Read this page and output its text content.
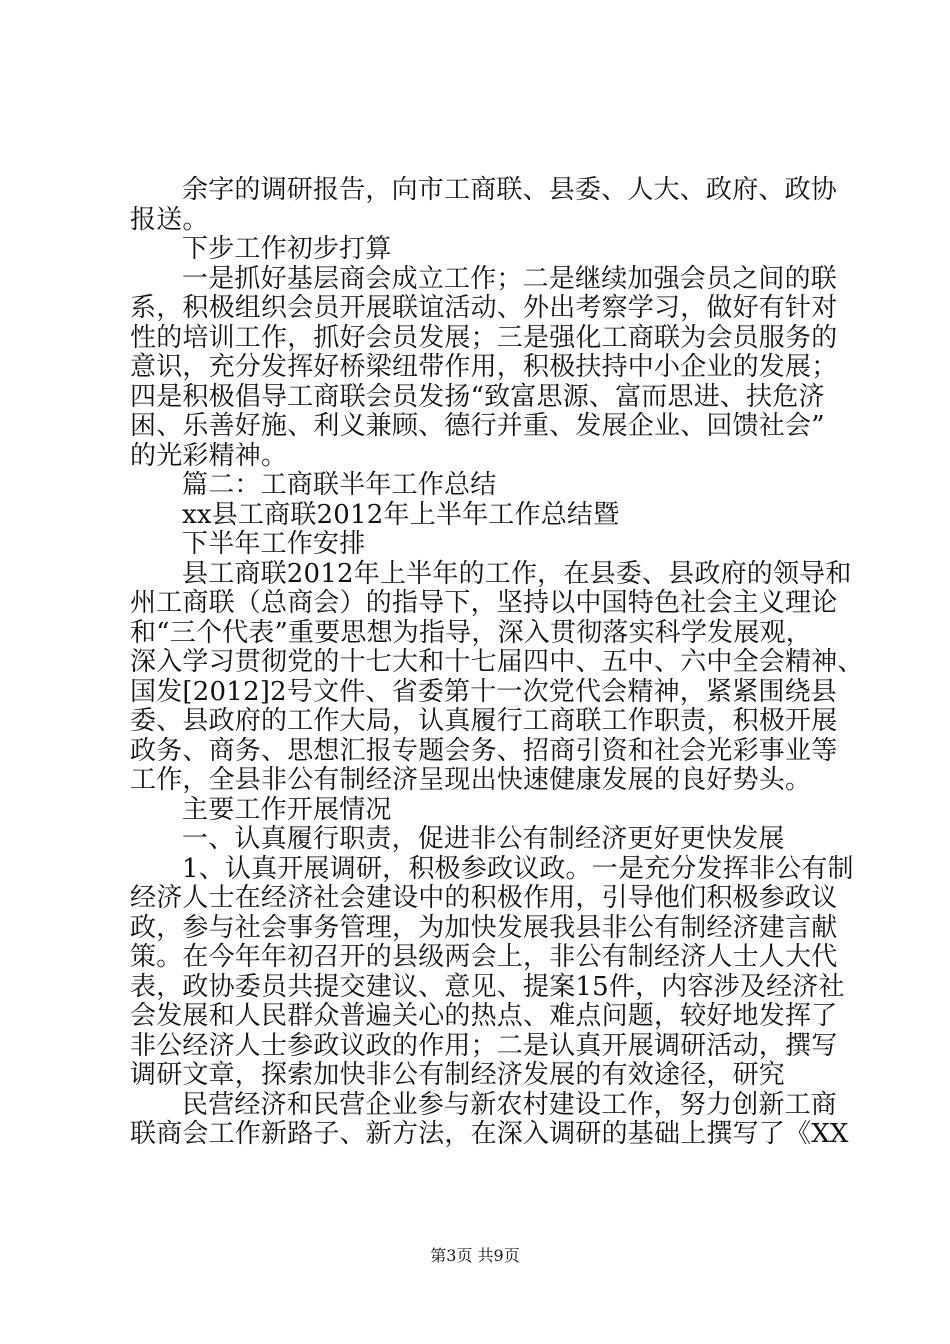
余字的调研报告，向市工商联、县委、人大、政府、政协
报送。
下步工作初步打算
一是抓好基层商会成立工作；二是继续加强会员之间的联
系，积极组织会员开展联谊活动、外出考察学习，做好有针对
性的培训工作，抓好会员发展；三是强化工商联为会员服务的
意识，充分发挥好桥梁纽带作用，积极扶持中小企业的发展；
四是积极倡导工商联会员发扬“致富思源、富而思进、扶危济
困、乐善好施、利义兼顾、德行并重、发展企业、回馈社会”
的光彩精神。
篇二：工商联半年工作总结
xx县工商联2012年上半年工作总结暨
下半年工作安排
县工商联2012年上半年的工作，在县委、县政府的领导和
州工商联（总商会）的指导下，坚持以中国特色社会主义理论
和“三个代表”重要思想为指导，深入贯彻落实科学发展观，
深入学习贯彻党的十七大和十七届四中、五中、六中全会精神、
国发[2012]2号文件、省委第十一次党代会精神，紧紧围绕县
委、县政府的工作大局，认真履行工商联工作职责，积极开展
政务、商务、思想汇报专题会务、招商引资和社会光彩事业等
工作，全县非公有制经济呈现出快速健康发展的良好势头。
主要工作开展情况
一、认真履行职责，促进非公有制经济更好更快发展
1、认真开展调研，积极参政议政。一是充分发挥非公有制
经济人士在经济社会建设中的积极作用，引导他们积极参政议
政，参与社会事务管理，为加快发展我县非公有制经济建言献
策。在今年年初召开的县级两会上，非公有制经济人士人大代
表，政协委员共提交建议、意见、提案15件，内容涉及经济社
会发展和人民群众普遍关心的热点、难点问题，较好地发挥了
非公经济人士参政议政的作用；二是认真开展调研活动，撰写
调研文章，探索加快非公有制经济发展的有效途径，研究
民营经济和民营企业参与新农村建设工作，努力创新工商
联商会工作新路子、新方法，在深入调研的基础上撰写了《XX
第3页 共9页
